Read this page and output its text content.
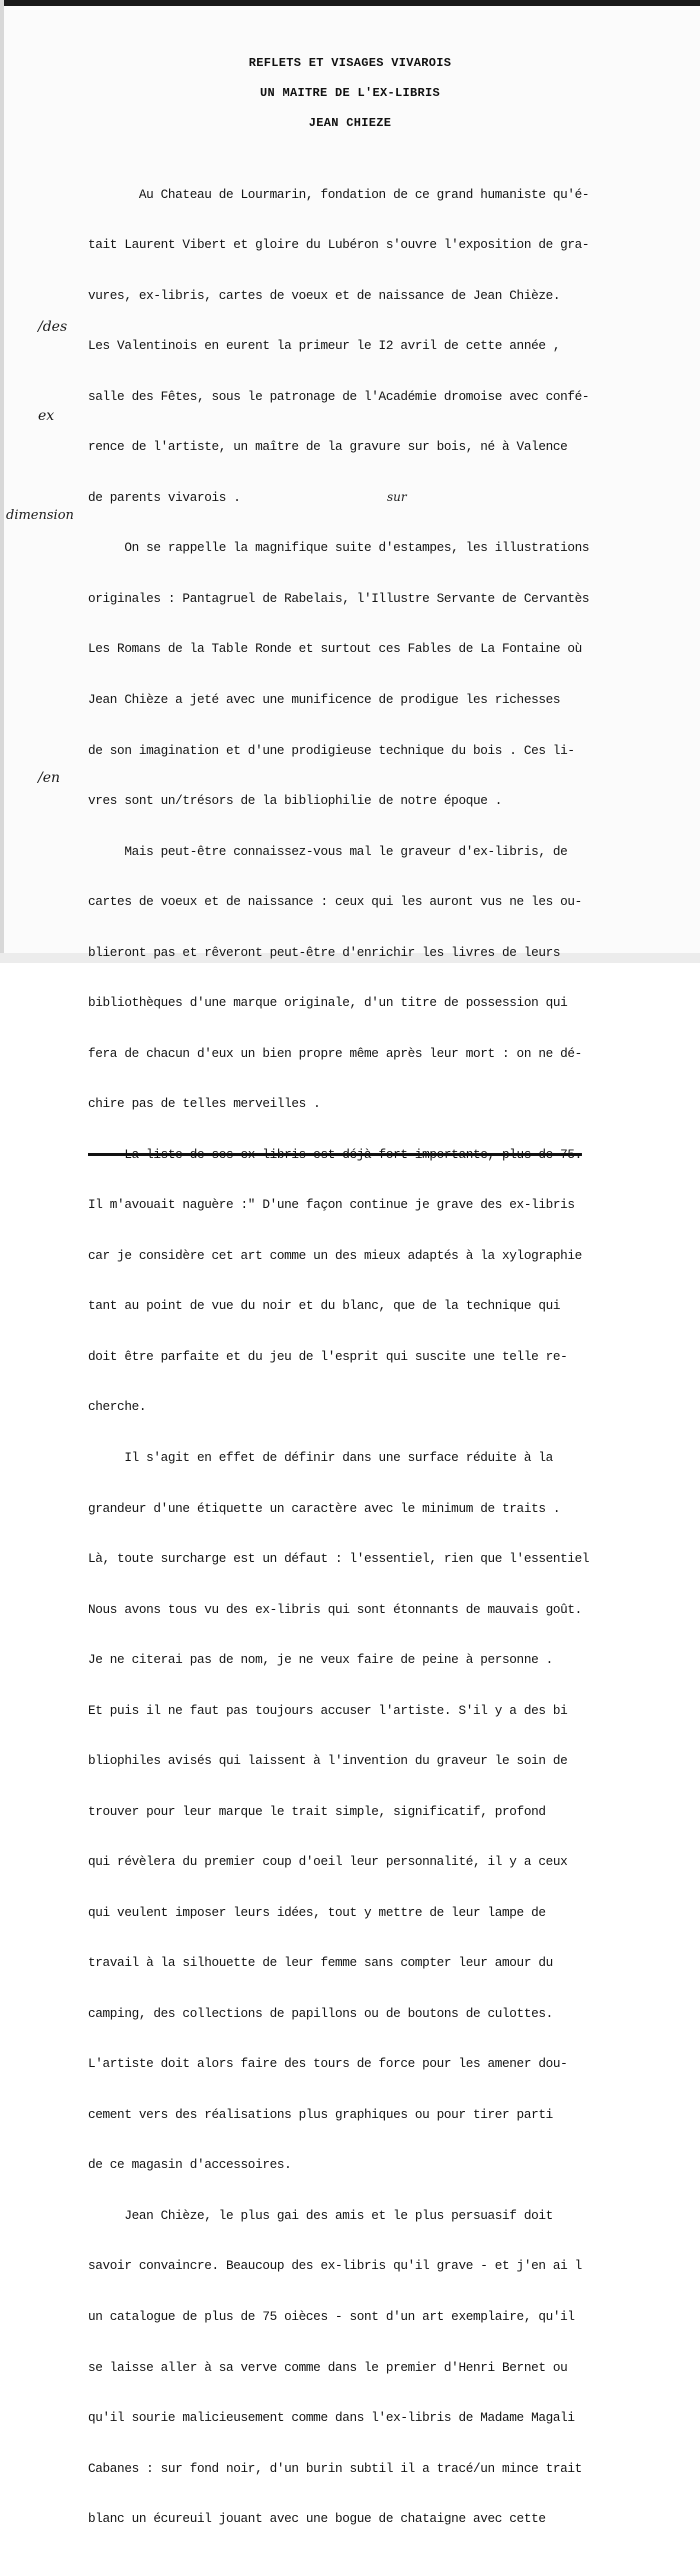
REFLETS ET VISAGES VIVAROIS
UN MAITRE DE L'EX-LIBRIS
JEAN CHIEZE

Au Chateau de Lourmarin, fondation de ce grand humaniste qu'é-

tait Laurent Vibert et gloire du Lubéron s'ouvre l'exposition de gra-

vures, ex-libris, cartes de voeux et de naissance de Jean Chièze.

Les Valentinois en eurent la primeur le I2 avril de cette année ,

salle des Fêtes, sous le patronage de l'Académie dromoise avec confé-

rence de l'artiste, un maître de la gravure sur bois, né à Valence

de parents vivarois .

On se rappelle la magnifique suite d'estampes, les illustrations

originales : Pantagruel de Rabelais, l'Illustre Servante de Cervantès

Les Romans de la Table Ronde et surtout ces Fables de La Fontaine où

Jean Chièze a jeté avec une munificence de prodigue les richesses

de son imagination et d'une prodigieuse technique du bois . Ces li-

vres sont un/trésors de la bibliophilie de notre époque .

Mais peut-être connaissez-vous mal le graveur d'ex-libris, de

cartes de voeux et de naissance : ceux qui les auront vus ne les ou-

blieront pas et rêveront peut-être d'enrichir les livres de leurs

bibliothèques d'une marque originale, d'un titre de possession qui

fera de chacun d'eux un bien propre même après leur mort : on ne dé-

chire pas de telles merveilles .

La liste de ses ex-libris est déjà fort importante, plus de 75.

Il m'avouait naguère :" D'une façon continue je grave des ex-libris

car je considère cet art comme un des mieux adaptés à la xylographie

tant au point de vue du noir et du blanc, que de la technique qui

doit être parfaite et du jeu de l'esprit qui suscite une telle re-

cherche.

Il s'agit en effet de définir dans une surface réduite à la

grandeur d'une étiquette un caractère avec le minimum de traits .

Là, toute surcharge est un défaut : l'essentiel, rien que l'essentiel

Nous avons tous vu des ex-libris qui sont étonnants de mauvais goût.

Je ne citerai pas de nom, je ne veux faire de peine à personne .

Et puis il ne faut pas toujours accuser l'artiste. S'il y a des bi

bliophiles avisés qui laissent à l'invention du graveur le soin de

trouver pour leur marque le trait simple, significatif, profond

qui révèlera du premier coup d'oeil leur personnalité, il y a ceux

qui veulent imposer leurs idées, tout y mettre de leur lampe de

travail à la silhouette de leur femme sans compter leur amour du

camping, des collections de papillons ou de boutons de culottes.

L'artiste doit alors faire des tours de force pour les amener dou-

cement vers des réalisations plus graphiques ou pour tirer parti

de ce magasin d'accessoires.

Jean Chièze, le plus gai des amis et le plus persuasif doit

savoir convaincre. Beaucoup des ex-libris qu'il grave - et j'en ai l

un catalogue de plus de 75 oièces - sont d'un art exemplaire, qu'il

se laisse aller à sa verve comme dans le premier d'Henri Bernet ou

qu'il sourie malicieusement comme dans l'ex-libris de Madame Magali

Cabanes : sur fond noir, d'un burin subtil il a tracé/un mince trait

blanc un écureuil jouant avec une bogue de chataigne avec cette

/des
ex
dimension
/en
sur
